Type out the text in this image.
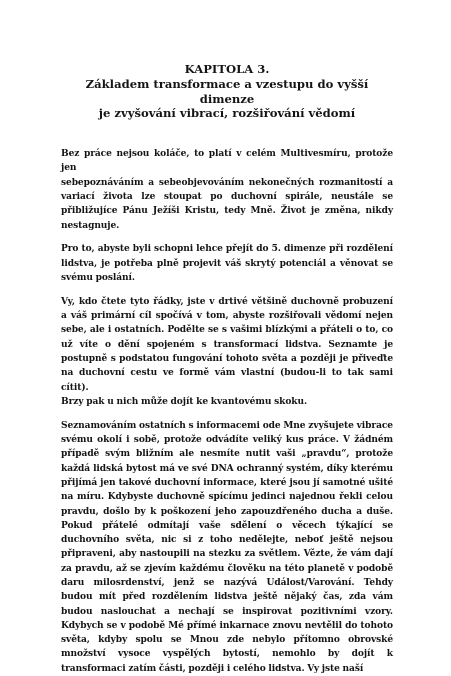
KAPITOLA 3.
Základem transformace a vzestupu do vyšší dimenze
je zvyšování vibrací, rozšiřování vědomí
Bez práce nejsou koláče, to platí v celém Multivesmíru, protože jen
sebepoznáváním a sebeobjevováním nekonečných rozmanitostí a
variací života lze stoupat po duchovní spirále, neustále se
přibližujíce Pánu Ježíši Kristu, tedy Mně. Život je změna, nikdy
nestagnuje.
Pro to, abyste byli schopni lehce přejít do 5. dimenze při rozdělení
lidstva, je potřeba plně projevit váš skrytý potenciál a věnovat se
svému poslání.
Vy, kdo čtete tyto řádky, jste v drtivé většině duchovně probuzení
a váš primární cíl spočívá v tom, abyste rozšiřovali vědomí nejen
sebe, ale i ostatních. Podělte se s vašimi blízkými a přáteli o to, co
už víte o dění spojeném s transformací lidstva. Seznamte je
postupně s podstatou fungování tohoto světa a později je přiveďte
na duchovní cestu ve formě vám vlastní (budou-li to tak sami cítit).
Brzy pak u nich může dojít ke kvantovému skoku.
Seznamováním ostatních s informacemi ode Mne zvyšujete vibrace
svému okolí i sobě, protože odvádíte veliký kus práce. V žádném
případě svým bližním ale nesmíte nutit vaši „pravdu“, protože
každá lidská bytost má ve své DNA ochranný systém, díky kterému
přijímá jen takové duchovní informace, které jsou jí samotné ušité
na míru. Kdybyste duchovně spícímu jedinci najednou řekli celou
pravdu, došlo by k poškození jeho zapouzdřeného ducha a duše.
Pokud přátelé odmítají vaše sdělení o věcech týkající se
duchovního světa, nic si z toho nedělejte, neboť ještě nejsou
připraveni, aby nastoupili na stezku za světlem. Vězte, že vám dají
za pravdu, až se zjevím každému člověku na této planetě v podobě
daru milosrdenství, jenž se nazývá Událost/Varování. Tehdy
budou mít před rozdělením lidstva ještě nějaký čas, zda vám
budou naslouchat a nechají se inspirovat pozitivními vzory.
Kdybych se v podobě Mé přímé inkarnace znovu nevtělil do tohoto
světa, kdyby spolu se Mnou zde nebylo přítomno obrovské
množství vysoce vyspělých bytostí, nemohlo by dojít k
transformaci zatím části, později i celého lidstva. Vy jste naší
